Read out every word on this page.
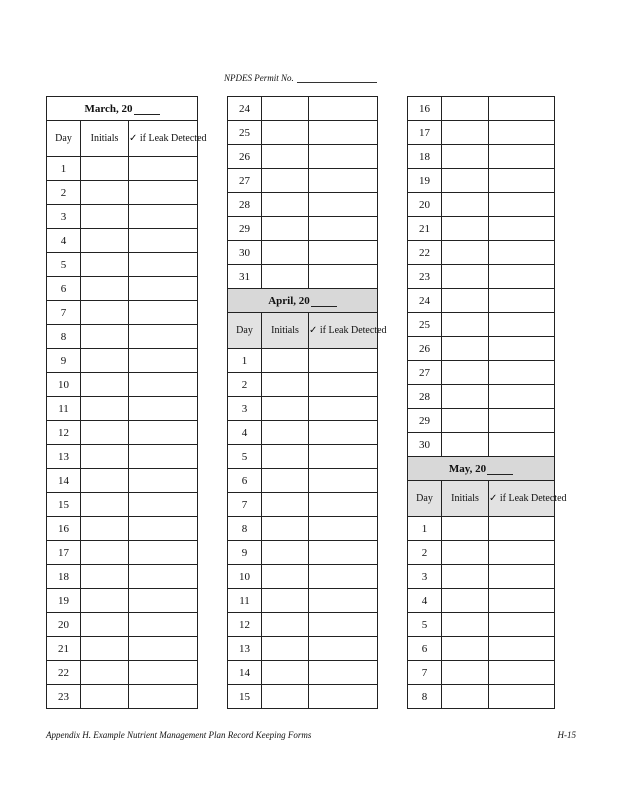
NPDES Permit No.
March, 20		
Day	Initials	✓ if Leak Detected
1		
2		
3		
4		
5		
6		
7		
8		
9		
10		
11		
12		
13		
14		
15		
16		
17		
18		
19		
20		
21		
22		
23		
24		
25		
26		
27		
28		
29		
30		
31		
April, 20		
Day	Initials	✓ if Leak Detected
1		
2		
3		
4		
5		
6		
7		
8		
9		
10		
11		
12		
13		
14		
15		
16		
17		
18		
19		
20		
21		
22		
23		
24		
25		
26		
27		
28		
29		
30		
May, 20		
Day	Initials	✓ if Leak Detected
1		
2		
3		
4		
5		
6		
7		
8		
Appendix H. Example Nutrient Management Plan Record Keeping Forms	H-15
